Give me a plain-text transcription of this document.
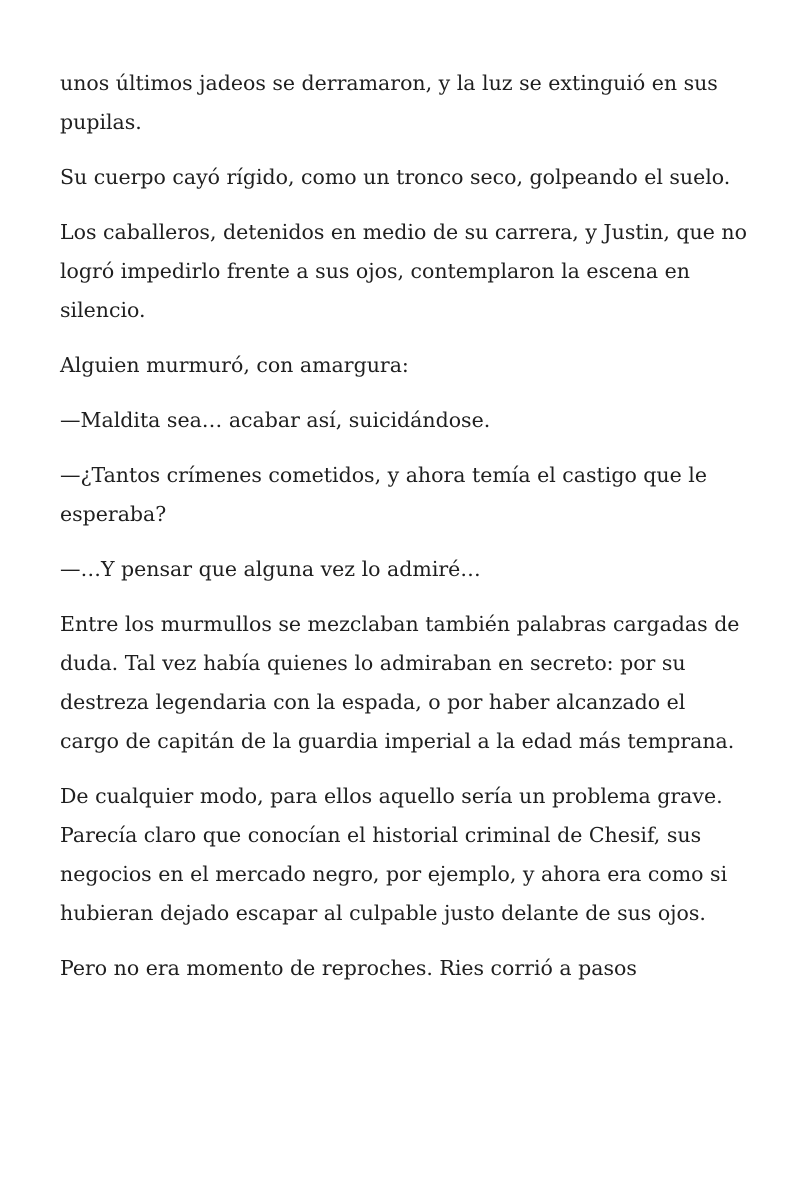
unos últimos jadeos se derramaron, y la luz se extinguió en sus pupilas.

Su cuerpo cayó rígido, como un tronco seco, golpeando el suelo.

Los caballeros, detenidos en medio de su carrera, y Justin, que no logró impedirlo frente a sus ojos, contemplaron la escena en silencio.

Alguien murmuró, con amargura:

—Maldita sea… acabar así, suicidándose.

—¿Tantos crímenes cometidos, y ahora temía el castigo que le esperaba?

—…Y pensar que alguna vez lo admiré…

Entre los murmullos se mezclaban también palabras cargadas de duda. Tal vez había quienes lo admiraban en secreto: por su destreza legendaria con la espada, o por haber alcanzado el cargo de capitán de la guardia imperial a la edad más temprana.

De cualquier modo, para ellos aquello sería un problema grave. Parecía claro que conocían el historial criminal de Chesif, sus negocios en el mercado negro, por ejemplo, y ahora era como si hubieran dejado escapar al culpable justo delante de sus ojos.

Pero no era momento de reproches. Ries corrió a pasos
